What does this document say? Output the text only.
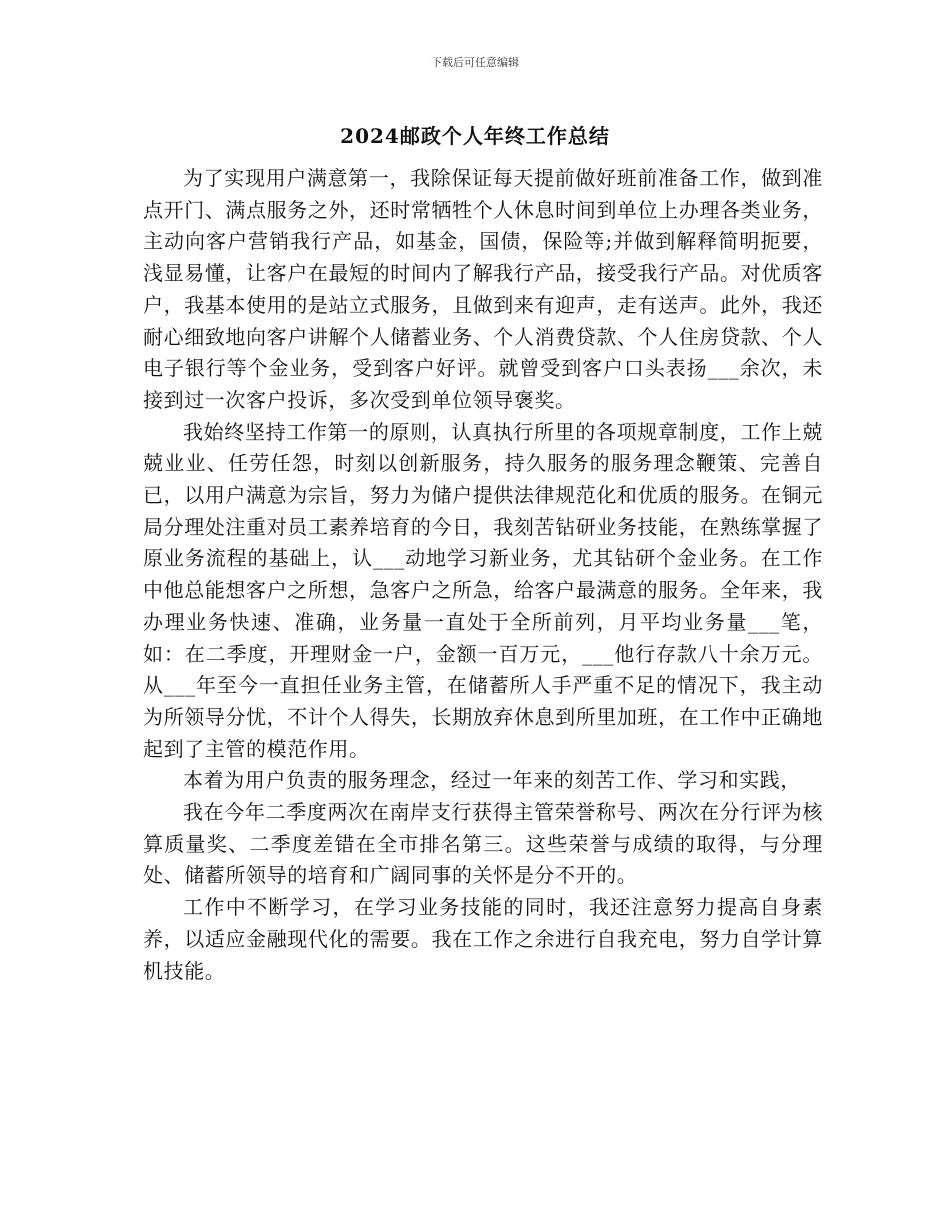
下载后可任意编辑
2024邮政个人年终工作总结

为了实现用户满意第一，我除保证每天提前做好班前准备工作，做到准点开门、满点服务之外，还时常牺牲个人休息时间到单位上办理各类业务，主动向客户营销我行产品，如基金，国债，保险等;并做到解释简明扼要，浅显易懂，让客户在最短的时间内了解我行产品，接受我行产品。对优质客户，我基本使用的是站立式服务，且做到来有迎声，走有送声。此外，我还耐心细致地向客户讲解个人储蓄业务、个人消费贷款、个人住房贷款、个人电子银行等个金业务，受到客户好评。就曾受到客户口头表扬___余次，未接到过一次客户投诉，多次受到单位领导褒奖。

我始终坚持工作第一的原则，认真执行所里的各项规章制度，工作上兢兢业业、任劳任怨，时刻以创新服务，持久服务的服务理念鞭策、完善自已，以用户满意为宗旨，努力为储户提供法律规范化和优质的服务。在铜元局分理处注重对员工素养培育的今日，我刻苦钻研业务技能，在熟练掌握了原业务流程的基础上，认___动地学习新业务，尤其钻研个金业务。在工作中他总能想客户之所想，急客户之所急，给客户最满意的服务。全年来，我办理业务快速、准确，业务量一直处于全所前列，月平均业务量___笔，如：在二季度，开理财金一户，金额一百万元，___他行存款八十余万元。从___年至今一直担任业务主管，在储蓄所人手严重不足的情况下，我主动为所领导分忧，不计个人得失，长期放弃休息到所里加班，在工作中正确地起到了主管的模范作用。

本着为用户负责的服务理念，经过一年来的刻苦工作、学习和实践，

我在今年二季度两次在南岸支行获得主管荣誉称号、两次在分行评为核算质量奖、二季度差错在全市排名第三。这些荣誉与成绩的取得，与分理处、储蓄所领导的培育和广阔同事的关怀是分不开的。

工作中不断学习，在学习业务技能的同时，我还注意努力提高自身素养，以适应金融现代化的需要。我在工作之余进行自我充电，努力自学计算机技能。
